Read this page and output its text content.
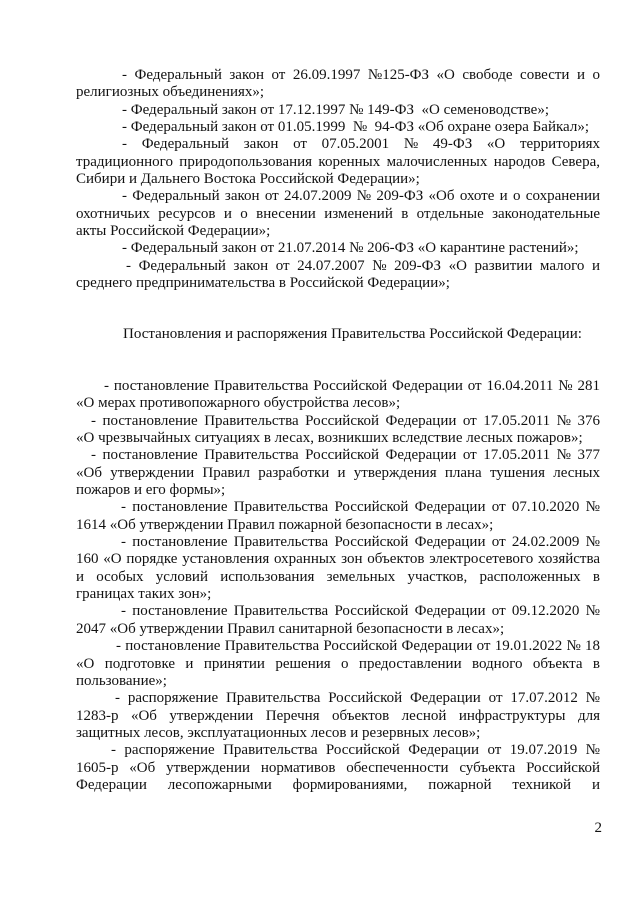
- Федеральный закон от 26.09.1997 №125-ФЗ «О свободе совести и о
религиозных объединениях»;
- Федеральный закон от 17.12.1997 № 149-ФЗ  «О семеноводстве»;
- Федеральный закон от 01.05.1999  №  94-ФЗ «Об охране озера Байкал»;
- Федеральный закон от 07.05.2001 № 49-ФЗ «О территориях
традиционного природопользования коренных малочисленных народов Севера,
Сибири и Дальнего Востока Российской Федерации»;
- Федеральный закон от 24.07.2009 № 209-ФЗ «Об охоте и о сохранении
охотничьих ресурсов и о внесении изменений в отдельные законодательные
акты Российской Федерации»;
- Федеральный закон от 21.07.2014 № 206-ФЗ «О карантине растений»;
- Федеральный закон от 24.07.2007 № 209-ФЗ «О развитии малого и
среднего предпринимательства в Российской Федерации»;
Постановления и распоряжения Правительства Российской Федерации:
- постановление Правительства Российской Федерации от 16.04.2011 № 281
«О мерах противопожарного обустройства лесов»;
- постановление Правительства Российской Федерации от 17.05.2011 № 376
«О чрезвычайных ситуациях в лесах, возникших вследствие лесных пожаров»;
- постановление Правительства Российской Федерации от 17.05.2011 № 377
«Об утверждении Правил разработки и утверждения плана тушения лесных
пожаров и его формы»;
- постановление Правительства Российской Федерации от 07.10.2020 №
1614 «Об утверждении Правил пожарной безопасности в лесах»;
- постановление Правительства Российской Федерации от 24.02.2009 №
160 «О порядке установления охранных зон объектов электросетевого хозяйства
и особых условий использования земельных участков, расположенных в
границах таких зон»;
- постановление Правительства Российской Федерации от 09.12.2020 №
2047 «Об утверждении Правил санитарной безопасности в лесах»;
- постановление Правительства Российской Федерации от 19.01.2022 № 18
«О подготовке и принятии решения о предоставлении водного объекта в
пользование»;
- распоряжение Правительства Российской Федерации от 17.07.2012 №
1283-р «Об утверждении Перечня объектов лесной инфраструктуры для
защитных лесов, эксплуатационных лесов и резервных лесов»;
- распоряжение Правительства Российской Федерации от 19.07.2019 №
1605-р «Об утверждении нормативов обеспеченности субъекта Российской
Федерации лесопожарными формированиями, пожарной техникой и
2
